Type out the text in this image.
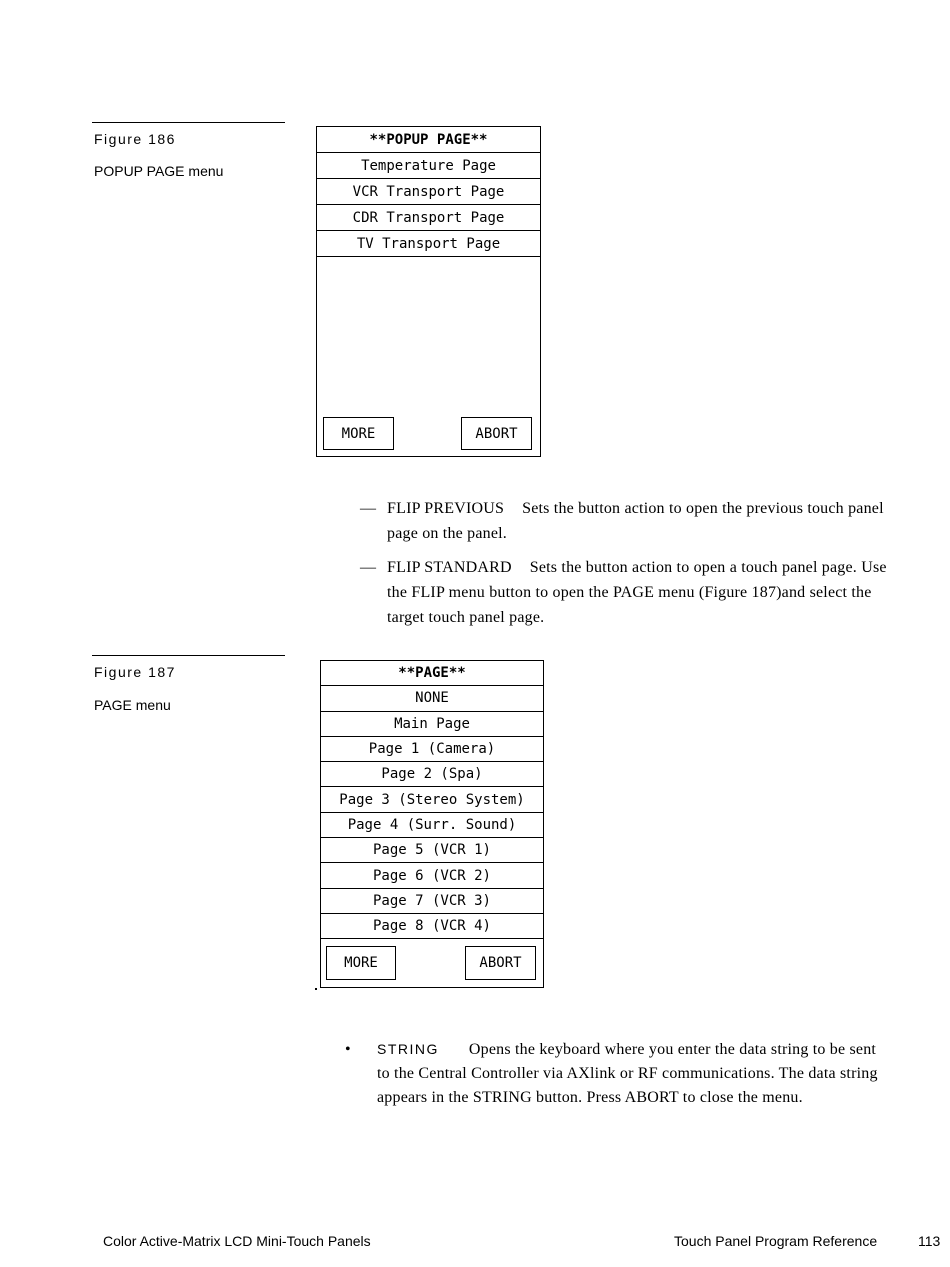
Figure 186
POPUP PAGE menu
**POPUP PAGE**
Temperature Page
VCR Transport Page
CDR Transport Page
TV Transport Page
MORE	ABORT
— FLIP PREVIOUS Sets the button action to open the previous touch panel
page on the panel.
— FLIP STANDARD Sets the button action to open a touch panel page. Use
the FLIP menu button to open the PAGE menu (Figure 187)and select the
target touch panel page.
Figure 187
PAGE menu
**PAGE**
NONE
Main Page
Page 1 (Camera)
Page 2 (Spa)
Page 3 (Stereo System)
Page 4 (Surr. Sound)
Page 5 (VCR 1)
Page 6 (VCR 2)
Page 7 (VCR 3)
Page 8 (VCR 4)
MORE	ABORT
• STRING Opens the keyboard where you enter the data string to be sent
to the Central Controller via AXlink or RF communications. The data string
appears in the STRING button. Press ABORT to close the menu.
Color Active-Matrix LCD Mini-Touch Panels	Touch Panel Program Reference	113
